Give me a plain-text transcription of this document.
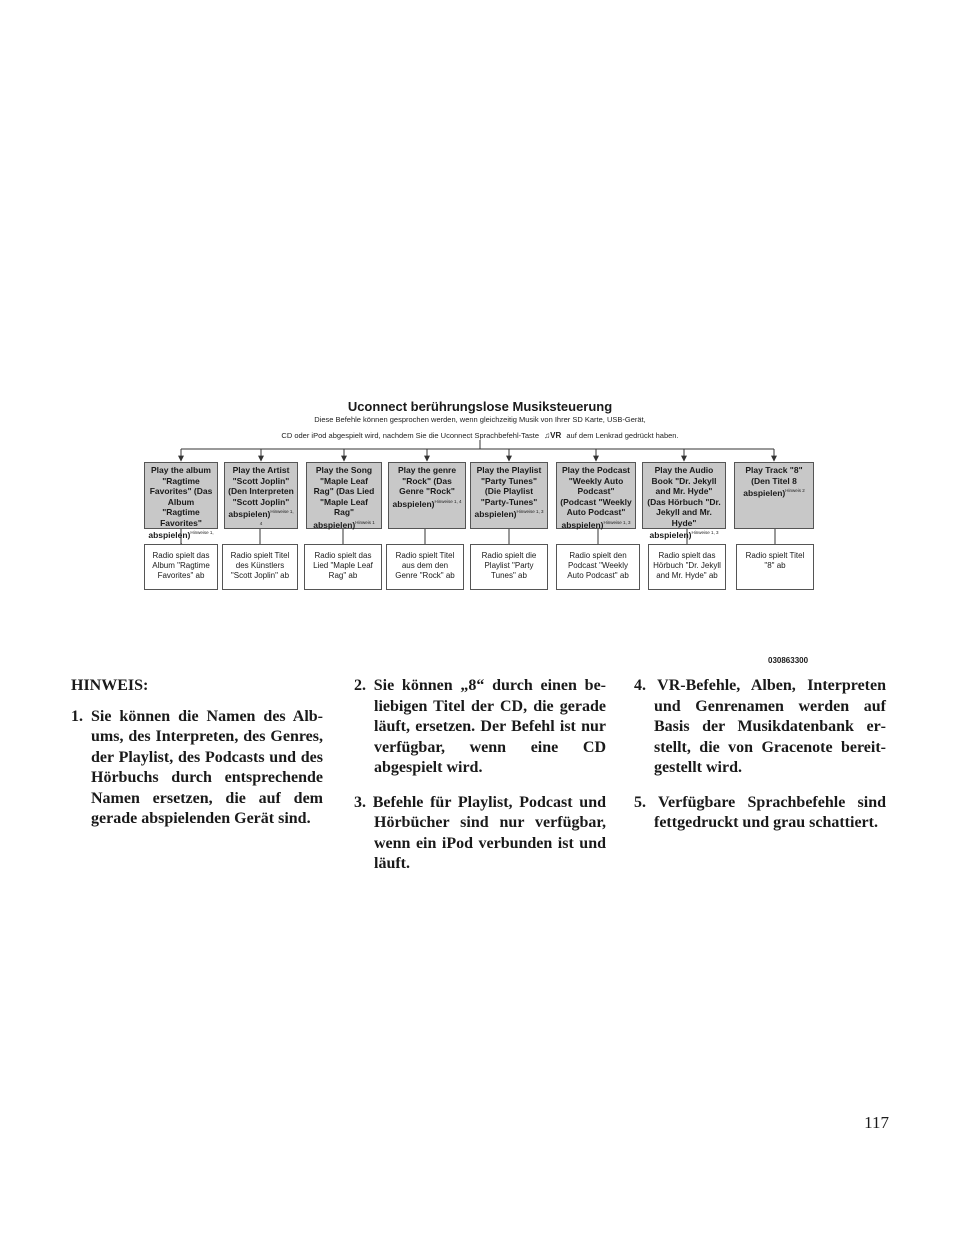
Uconnect berührungslose Musiksteuerung
Diese Befehle können gesprochen werden, wenn gleichzeitig Musik von Ihrer SD Karte, USB-Gerät,
CD oder iPod abgespielt wird, nachdem Sie die Uconnect Sprachbefehl-Taste ♫VR auf dem Lenkrad gedrückt haben.
Play the album "Ragtime Favorites" (Das Album "Ragtime Favorites" abspielen)$^{Hinweise 1,}$
Play the Artist "Scott Joplin" (Den Interpreten "Scott Joplin" abspielen)$^{Hinweise 1, 4}$
Play the Song "Maple Leaf Rag" (Das Lied "Maple Leaf Rag" abspielen)$^{Hinweis 1}$
Play the genre "Rock" (Das Genre "Rock" abspielen)$^{Hinweise 1, 4}$
Play the Playlist "Party Tunes" (Die Playlist "Party-Tunes" abspielen)$^{Hinweise 1, 3}$
Play the Podcast "Weekly Auto Podcast" (Podcast "Weekly Auto Podcast" abspielen)$^{Hinweise 1, 3}$
Play the Audio Book "Dr. Jekyll and Mr. Hyde" (Das Hörbuch "Dr. Jekyll and Mr. Hyde" abspielen)$^{Hinweise 1, 3}$
Play Track "8" (Den Titel 8 abspielen)$^{Hinweis 2}$
Radio spielt das Album "Ragtime Favorites" ab
Radio spielt Titel des Künstlers "Scott Joplin" ab
Radio spielt das Lied "Maple Leaf Rag" ab
Radio spielt Titel aus dem den Genre "Rock" ab
Radio spielt die Playlist "Party Tunes" ab
Radio spielt den Podcast "Weekly Auto Podcast" ab
Radio spielt das Hörbuch "Dr. Jekyll and Mr. Hyde" ab
Radio spielt Titel "8" ab
030863300

HINWEIS:

1. Sie können die Namen des Albums, des Interpreten, des Genres, der Playlist, des Podcasts und des Hörbuchs durch entsprechende Namen ersetzen, die auf dem gerade abspielenden Gerät sind.

2. Sie können „8“ durch einen beliebigen Titel der CD, die gerade läuft, ersetzen. Der Befehl ist nur verfügbar, wenn eine CD abgespielt wird.

3. Befehle für Playlist, Podcast und Hörbücher sind nur verfügbar, wenn ein iPod verbunden ist und läuft.

4. VR-Befehle, Alben, Interpreten und Genrenamen werden auf Basis der Musikdatenbank erstellt, die von Gracenote bereitgestellt wird.

5. Verfügbare Sprachbefehle sind fettgedruckt und grau schattiert.

117
